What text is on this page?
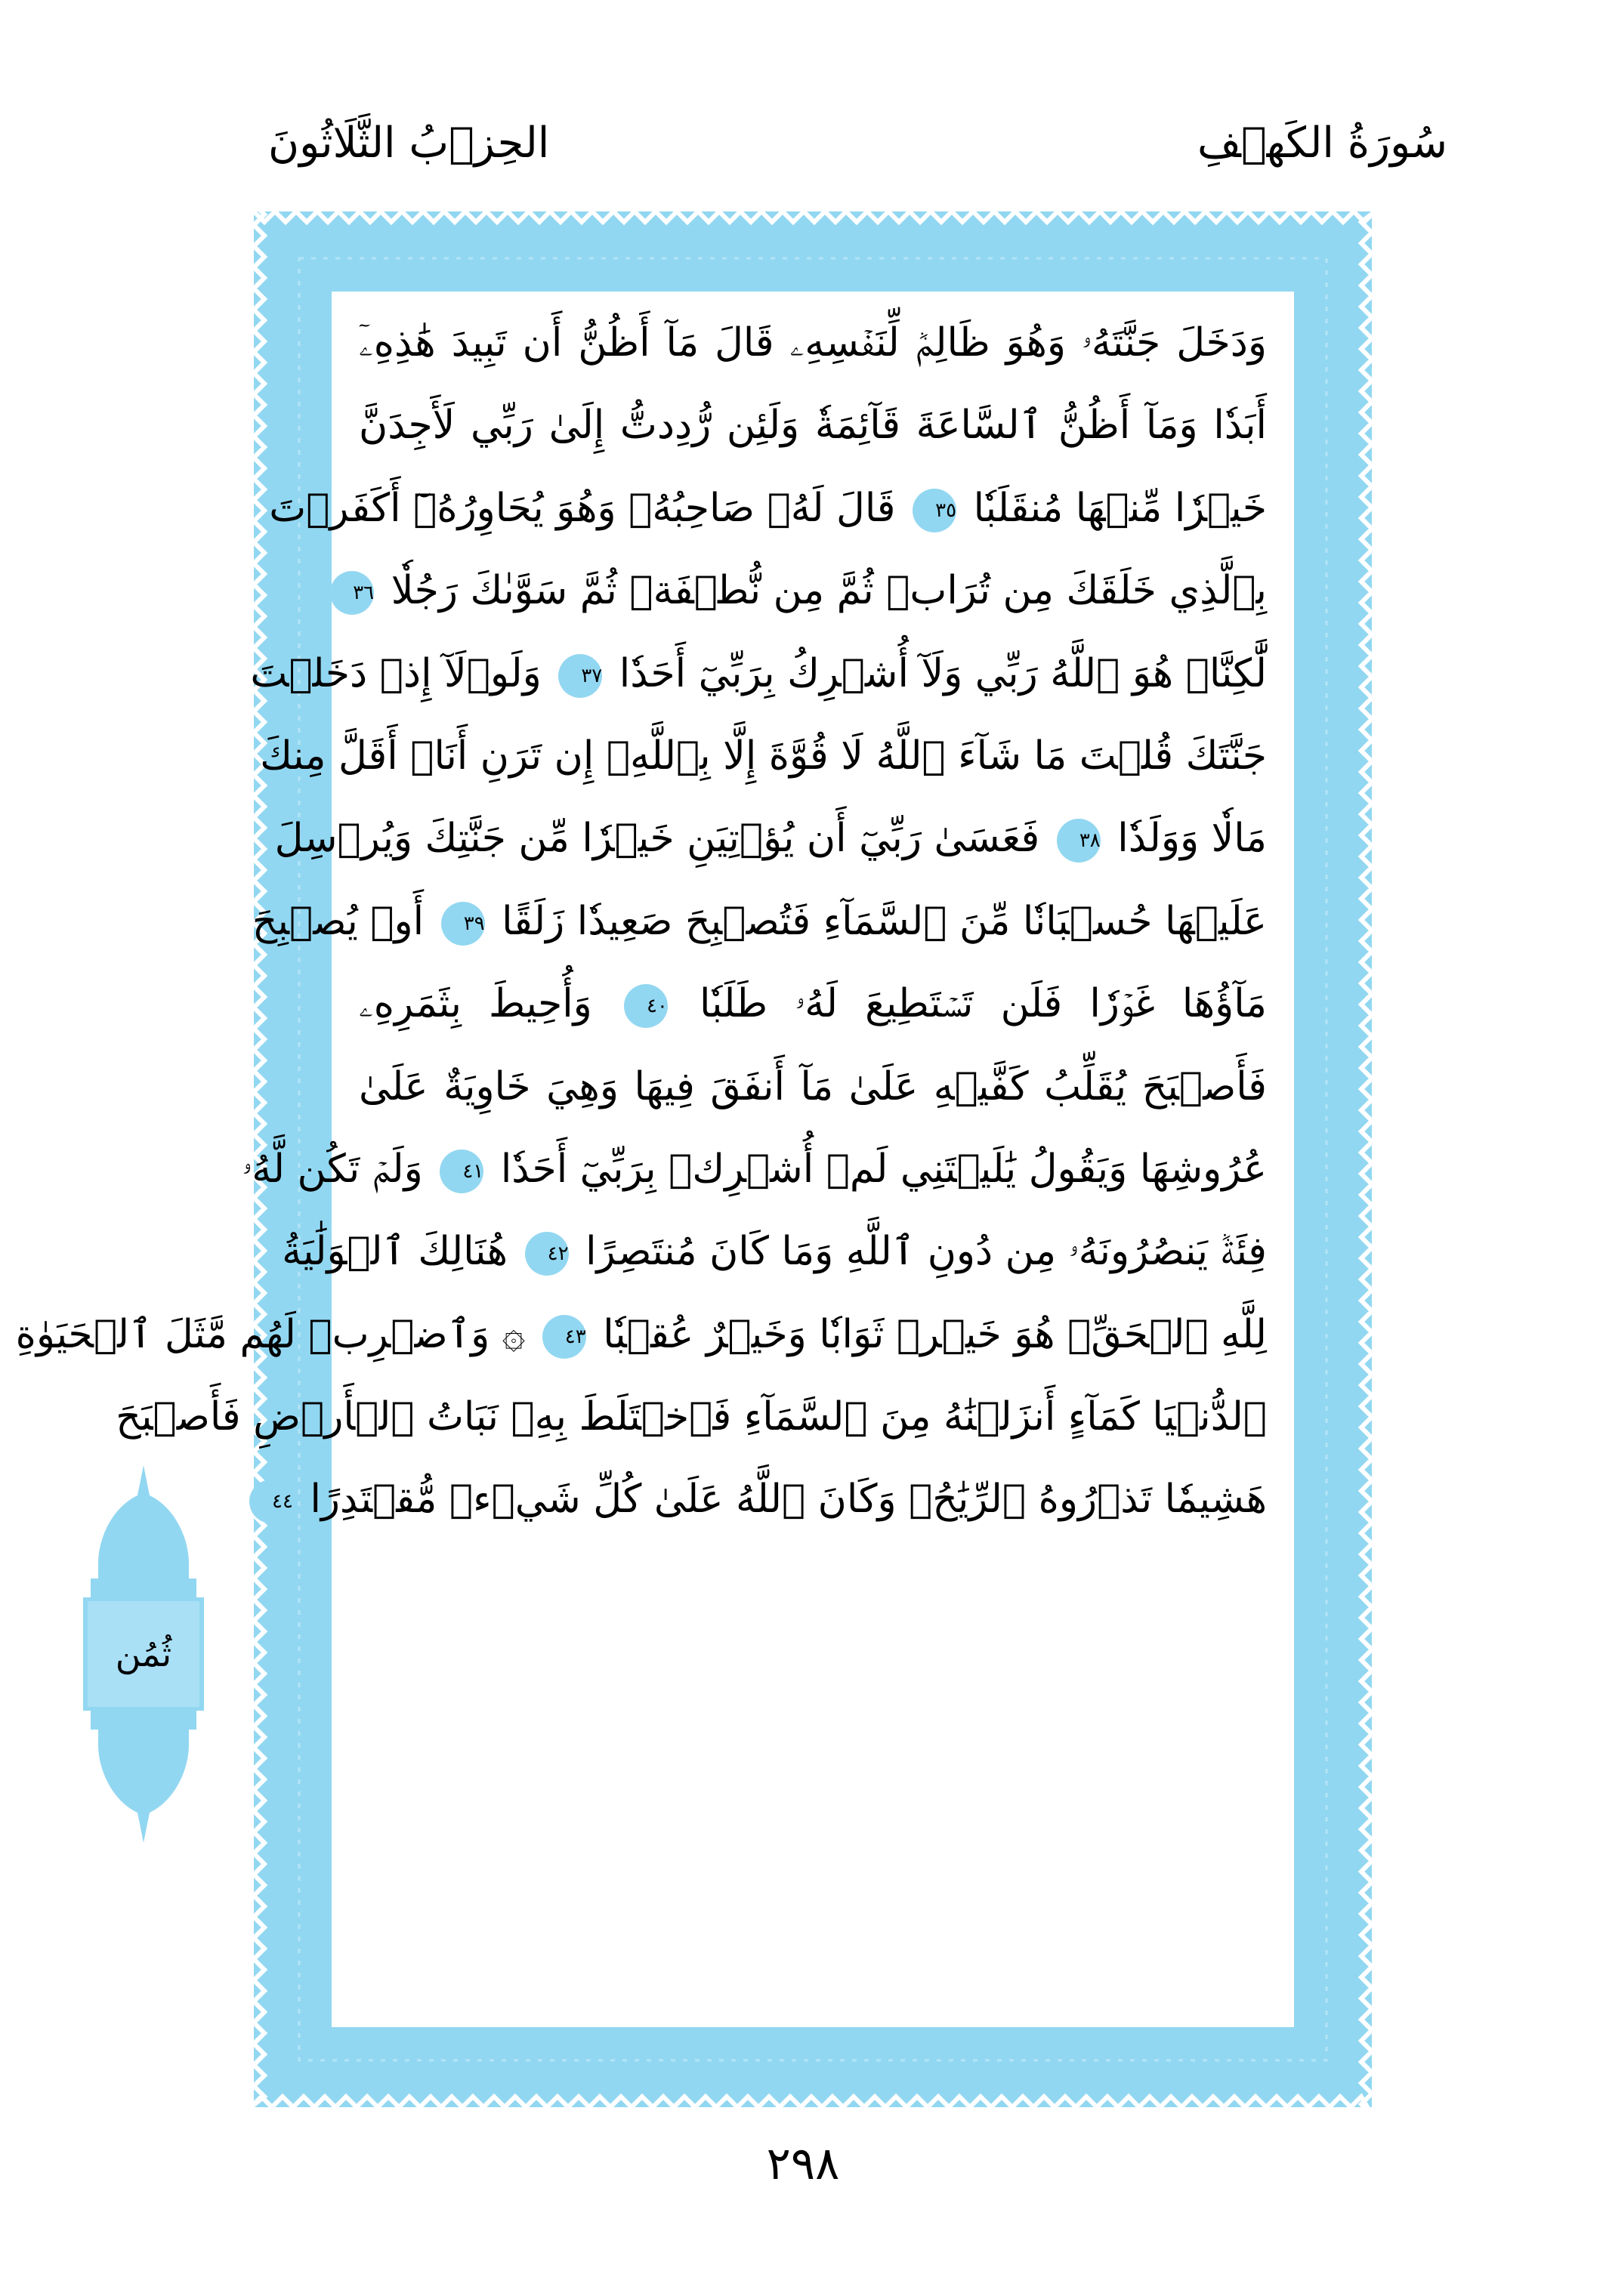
سُورَةُ الكَهۡفِ
الحِزۡبُ الثَّلَاثُونَ
وَدَخَلَ جَنَّتَهُۥ وَهُوَ ظَالِمٞ لِّنَفۡسِهِۦ قَالَ مَآ أَظُنُّ أَن تَبِيدَ هَٰذِهِۦٓ
أَبَدٗا وَمَآ أَظُنُّ ٱلسَّاعَةَ قَآئِمَةٗ وَلَئِن رُّدِدتُّ إِلَىٰ رَبِّي لَأَجِدَنَّ
خَيۡرٗا مِّنۡهَا مُنقَلَبٗا ٣٥ قَالَ لَهُۥ صَاحِبُهُۥ وَهُوَ يُحَاوِرُهُۥٓ أَكَفَرۡتَ
بِٱلَّذِي خَلَقَكَ مِن تُرَابٖ ثُمَّ مِن نُّطۡفَةٖ ثُمَّ سَوَّىٰكَ رَجُلٗا ٣٦
لَّٰكِنَّا۠ هُوَ ٱللَّهُ رَبِّي وَلَآ أُشۡرِكُ بِرَبِّيٓ أَحَدٗا ٣٧ وَلَوۡلَآ إِذۡ دَخَلۡتَ
جَنَّتَكَ قُلۡتَ مَا شَآءَ ٱللَّهُ لَا قُوَّةَ إِلَّا بِٱللَّهِۚ إِن تَرَنِ أَنَا۠ أَقَلَّ مِنكَ
مَالٗا وَوَلَدٗا ٣٨ فَعَسَىٰ رَبِّيٓ أَن يُؤۡتِيَنِ خَيۡرٗا مِّن جَنَّتِكَ وَيُرۡسِلَ
عَلَيۡهَا حُسۡبَانٗا مِّنَ ٱلسَّمَآءِ فَتُصۡبِحَ صَعِيدٗا زَلَقًا ٣٩ أَوۡ يُصۡبِحَ
مَآؤُهَا غَوۡرٗا فَلَن تَسۡتَطِيعَ لَهُۥ طَلَبٗا ٤٠ وَأُحِيطَ بِثَمَرِهِۦ
فَأَصۡبَحَ يُقَلِّبُ كَفَّيۡهِ عَلَىٰ مَآ أَنفَقَ فِيهَا وَهِيَ خَاوِيَةٌ عَلَىٰ
عُرُوشِهَا وَيَقُولُ يَٰلَيۡتَنِي لَمۡ أُشۡرِكۡ بِرَبِّيٓ أَحَدٗا ٤١ وَلَمۡ تَكُن لَّهُۥ
فِئَةٞ يَنصُرُونَهُۥ مِن دُونِ ٱللَّهِ وَمَا كَانَ مُنتَصِرًا ٤٢ هُنَالِكَ ٱلۡوَلَٰيَةُ
لِلَّهِ ٱلۡحَقِّۚ هُوَ خَيۡرٞ ثَوَابٗا وَخَيۡرٌ عُقۡبٗا ٤٣ ۞ وَٱضۡرِبۡ لَهُم مَّثَلَ ٱلۡحَيَوٰةِ
ٱلدُّنۡيَا كَمَآءٍ أَنزَلۡنَٰهُ مِنَ ٱلسَّمَآءِ فَٱخۡتَلَطَ بِهِۦ نَبَاتُ ٱلۡأَرۡضِ فَأَصۡبَحَ
هَشِيمٗا تَذۡرُوهُ ٱلرِّيَٰحُۗ وَكَانَ ٱللَّهُ عَلَىٰ كُلِّ شَيۡءٖ مُّقۡتَدِرًا ٤٤
ثُمُن
٢٩٨
